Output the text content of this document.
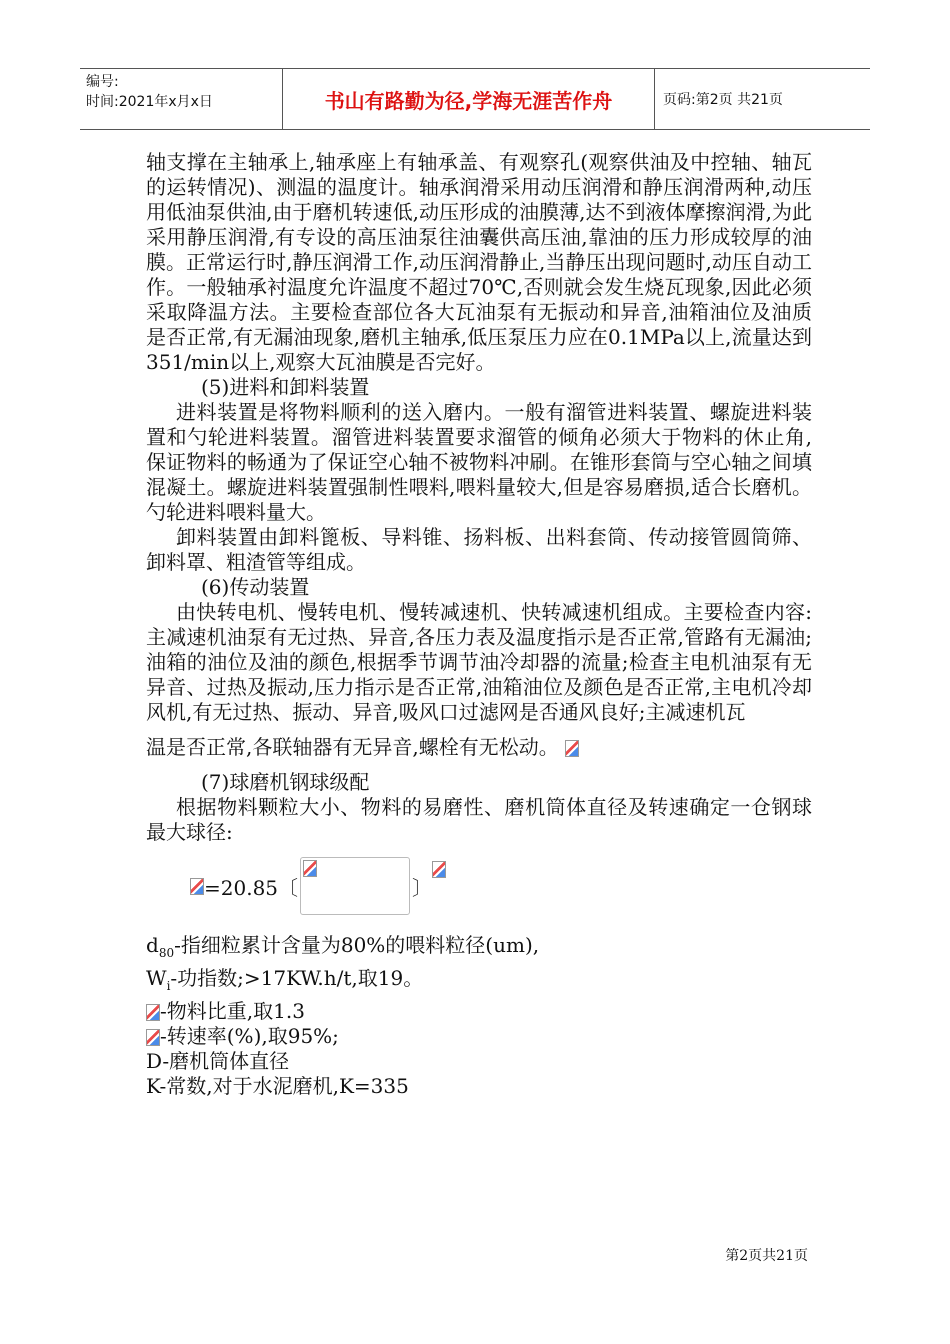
编号:
时间:2021年x月x日	书山有路勤为径,学海无涯苦作舟	页码:第2页 共21页

轴支撑在主轴承上,轴承座上有轴承盖、有观察孔(观察供油及中控轴、轴瓦的运转情况)、测温的温度计。轴承润滑采用动压润滑和静压润滑两种,动压用低油泵供油,由于磨机转速低,动压形成的油膜薄,达不到液体摩擦润滑,为此采用静压润滑,有专设的高压油泵往油囊供高压油,靠油的压力形成较厚的油膜。正常运行时,静压润滑工作,动压润滑静止,当静压出现问题时,动压自动工作。一般轴承衬温度允许温度不超过70℃,否则就会发生烧瓦现象,因此必须采取降温方法。主要检查部位各大瓦油泵有无振动和异音,油箱油位及油质是否正常,有无漏油现象,磨机主轴承,低压泵压力应在0.1MPa以上,流量达到351/min以上,观察大瓦油膜是否完好。

(5)进料和卸料装置

进料装置是将物料顺利的送入磨内。一般有溜管进料装置、螺旋进料装置和勺轮进料装置。溜管进料装置要求溜管的倾角必须大于物料的休止角,保证物料的畅通为了保证空心轴不被物料冲刷。在锥形套筒与空心轴之间填混凝土。螺旋进料装置强制性喂料,喂料量较大,但是容易磨损,适合长磨机。勺轮进料喂料量大。

卸料装置由卸料篦板、导料锥、扬料板、出料套筒、传动接管圆筒筛、卸料罩、粗渣管等组成。

(6)传动装置

由快转电机、慢转电机、慢转减速机、快转减速机组成。主要检查内容:主减速机油泵有无过热、异音,各压力表及温度指示是否正常,管路有无漏油;油箱的油位及油的颜色,根据季节调节油冷却器的流量;检查主电机油泵有无异音、过热及振动,压力指示是否正常,油箱油位及颜色是否正常,主电机冷却风机,有无过热、振动、异音,吸风口过滤网是否通风良好;主减速机瓦

温是否正常,各联轴器有无异音,螺栓有无松动。

(7)球磨机钢球级配

根据物料颗粒大小、物料的易磨性、磨机筒体直径及转速确定一仓钢球最大球径:

=20.85〔	〕

$d_{80}-$指细粒累计含量为80%的喂料粒径(um),

$W_i-$功指数;>17KW.h/t,取19。

-物料比重,取1.3

-转速率(%),取95%;

D-磨机筒体直径

K-常数,对于水泥磨机,K=335

第2页共21页
